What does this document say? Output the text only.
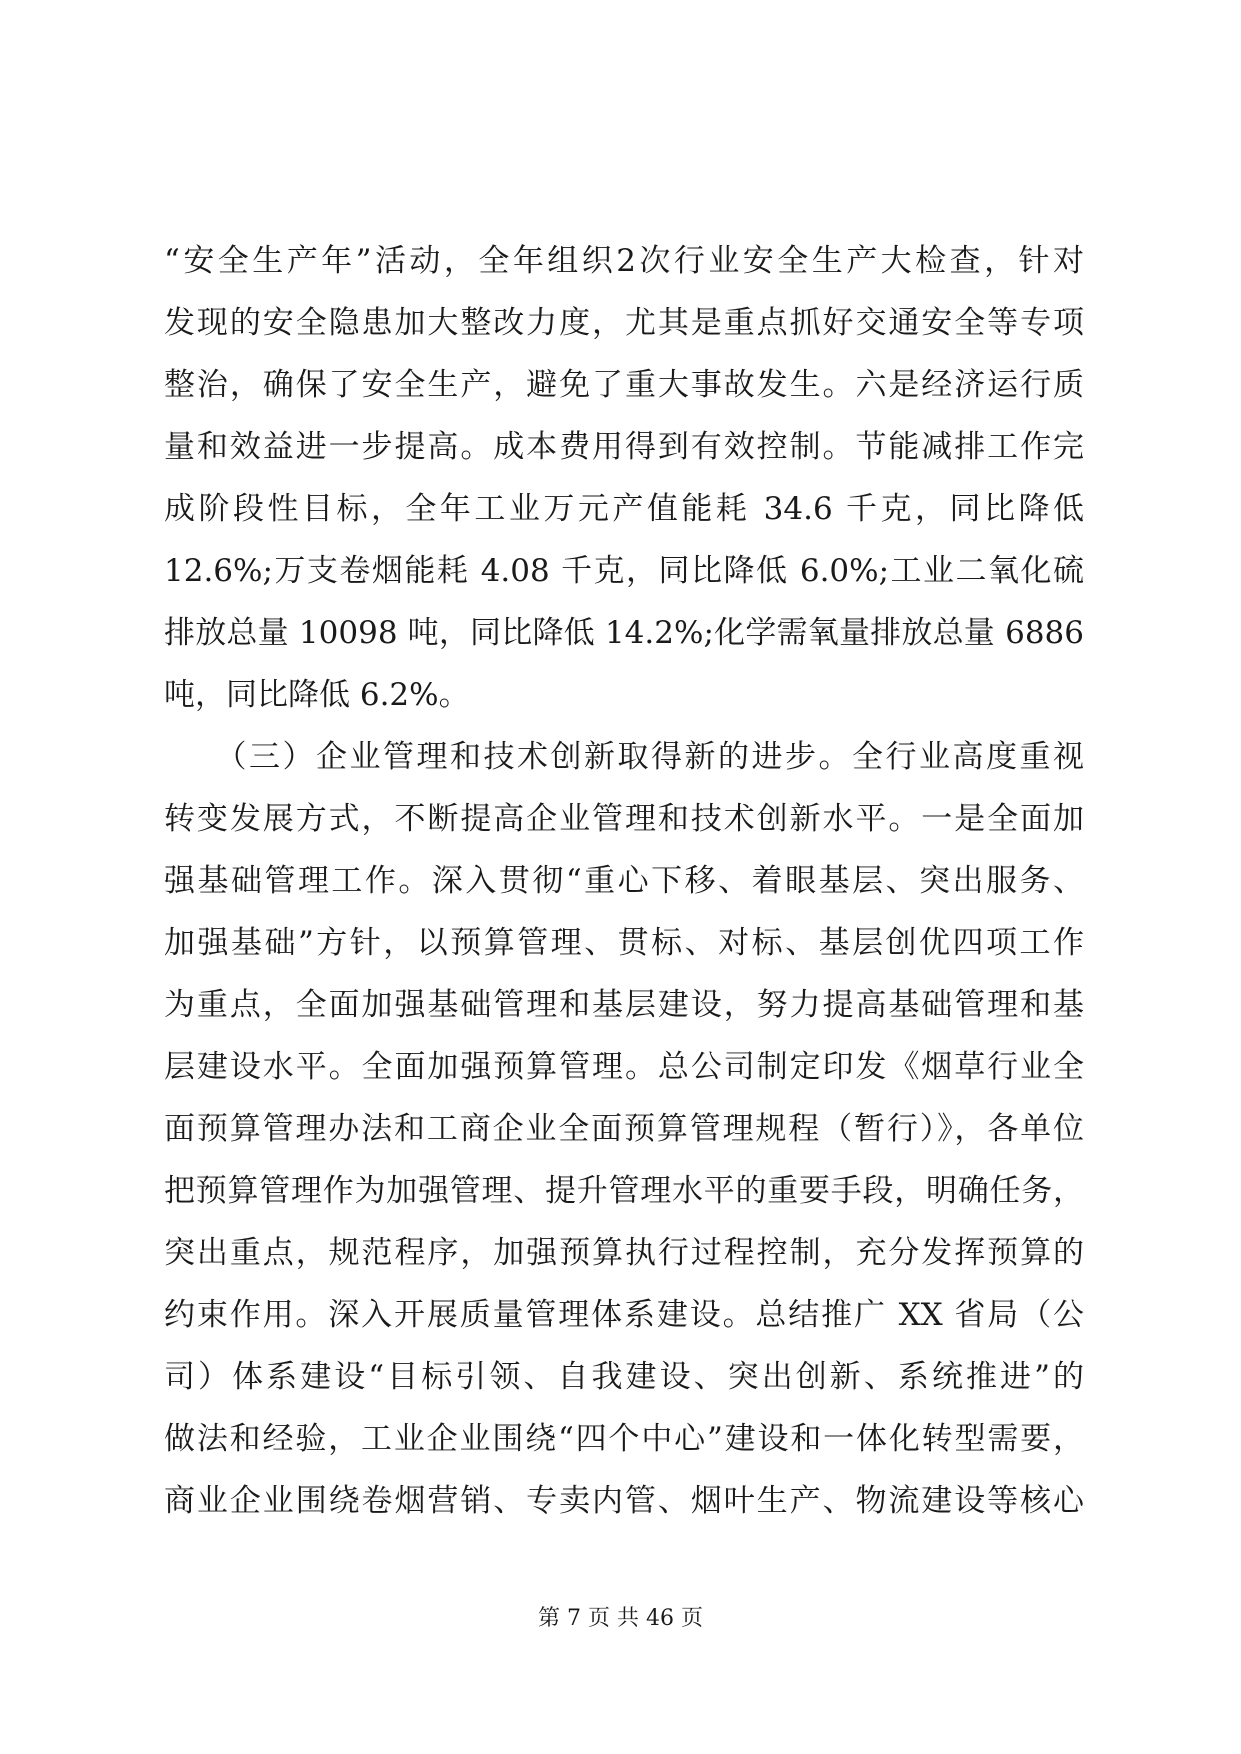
“安全生产年”活动，全年组织2次行业安全生产大检查，针对
发现的安全隐患加大整改力度，尤其是重点抓好交通安全等专项
整治，确保了安全生产，避免了重大事故发生。六是经济运行质
量和效益进一步提高。成本费用得到有效控制。节能减排工作完
成阶段性目标，全年工业万元产值能耗 34.6 千克，同比降低
12.6%;万支卷烟能耗 4.08 千克，同比降低 6.0%;工业二氧化硫
排放总量 10098 吨，同比降低 14.2%;化学需氧量排放总量 6886
吨，同比降低 6.2%。
　　（三）企业管理和技术创新取得新的进步。全行业高度重视
转变发展方式，不断提高企业管理和技术创新水平。一是全面加
强基础管理工作。深入贯彻“重心下移、着眼基层、突出服务、
加强基础”方针，以预算管理、贯标、对标、基层创优四项工作
为重点，全面加强基础管理和基层建设，努力提高基础管理和基
层建设水平。全面加强预算管理。总公司制定印发《烟草行业全
面预算管理办法和工商企业全面预算管理规程（暂行）》，各单位
把预算管理作为加强管理、提升管理水平的重要手段，明确任务，
突出重点，规范程序，加强预算执行过程控制，充分发挥预算的
约束作用。深入开展质量管理体系建设。总结推广 XX 省局（公
司）体系建设“目标引领、自我建设、突出创新、系统推进”的
做法和经验，工业企业围绕“四个中心”建设和一体化转型需要，
商业企业围绕卷烟营销、专卖内管、烟叶生产、物流建设等核心
第 7 页 共 46 页
